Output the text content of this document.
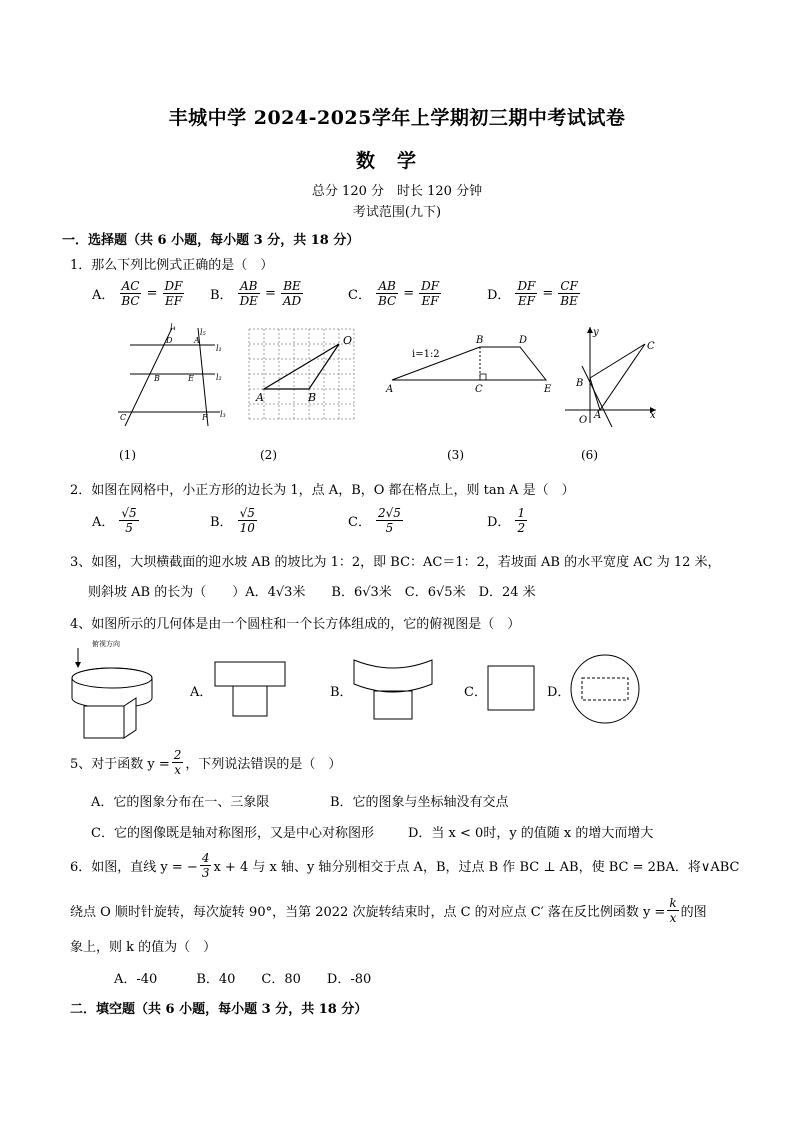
丰城中学 2024-2025学年上学期初三期中考试试卷
数学
总分 120 分　时长 120 分钟
考试范围(九下)
一．选择题（共 6 小题，每小题 3 分，共 18 分）
1．那么下列比例式正确的是（　）
A． $\frac{AC}{BC} = \frac{DF}{EF}$ B． $\frac{AB}{DE} = \frac{BE}{AD}$	C． $\frac{AB}{BC} = \frac{DF}{EF}$	D． $\frac{DF}{EF} = \frac{CF}{BE}$
l₄
l₅
D	A
l₁
B	E	l₂
C	F l₃
O
A	B
i=1:2
B	D
A	C	E
y
C
B
A
O	x
(1)	(2)	(3)	(6)
2．如图在网格中，小正方形的边长为 1，点 A，B，O 都在格点上，则 tan A 是（　）
A． $\frac{√5}{5}$	B． $\frac{√5}{10}$	C． $\frac{2√5}{5}$	D． $\frac{1}{2}$
3、如图，大坝横截面的迎水坡 AB 的坡比为 1：2，即 BC：AC＝1：2，若坡面 AB 的水平宽度 AC 为 12 米，
则斜坡 AB 的长为（　　）A．4√3米　　B．6√3米　C．6√5米　D．24 米
4、如图所示的几何体是由一个圆柱和一个长方体组成的，它的俯视图是（　）
俯视方向
A．	B．	C．	D．
5、对于函数 $y = \frac{2}{x}$ ，下列说法错误的是（　）
A．它的图象分布在一、三象限	B．它的图象与坐标轴没有交点
C．它的图像既是轴对称图形，又是中心对称图形	D．当 x < 0时，y 的值随 x 的增大而增大
6．如图，直线 y = − $\frac{4}{3}$ x + 4 与 x 轴、y 轴分别相交于点 A，B，过点 B 作 BC ⊥ AB，使 BC = 2BA．将∨ABC
绕点 O 顺时针旋转，每次旋转 90°，当第 2022 次旋转结束时，点 C 的对应点 C′ 落在反比例函数 $y = \frac{k}{x}$ 的图
象上，则 k 的值为（　）
A．-40　　　B．40　　C．80　　D．-80
二．填空题（共 6 小题，每小题 3 分，共 18 分）
